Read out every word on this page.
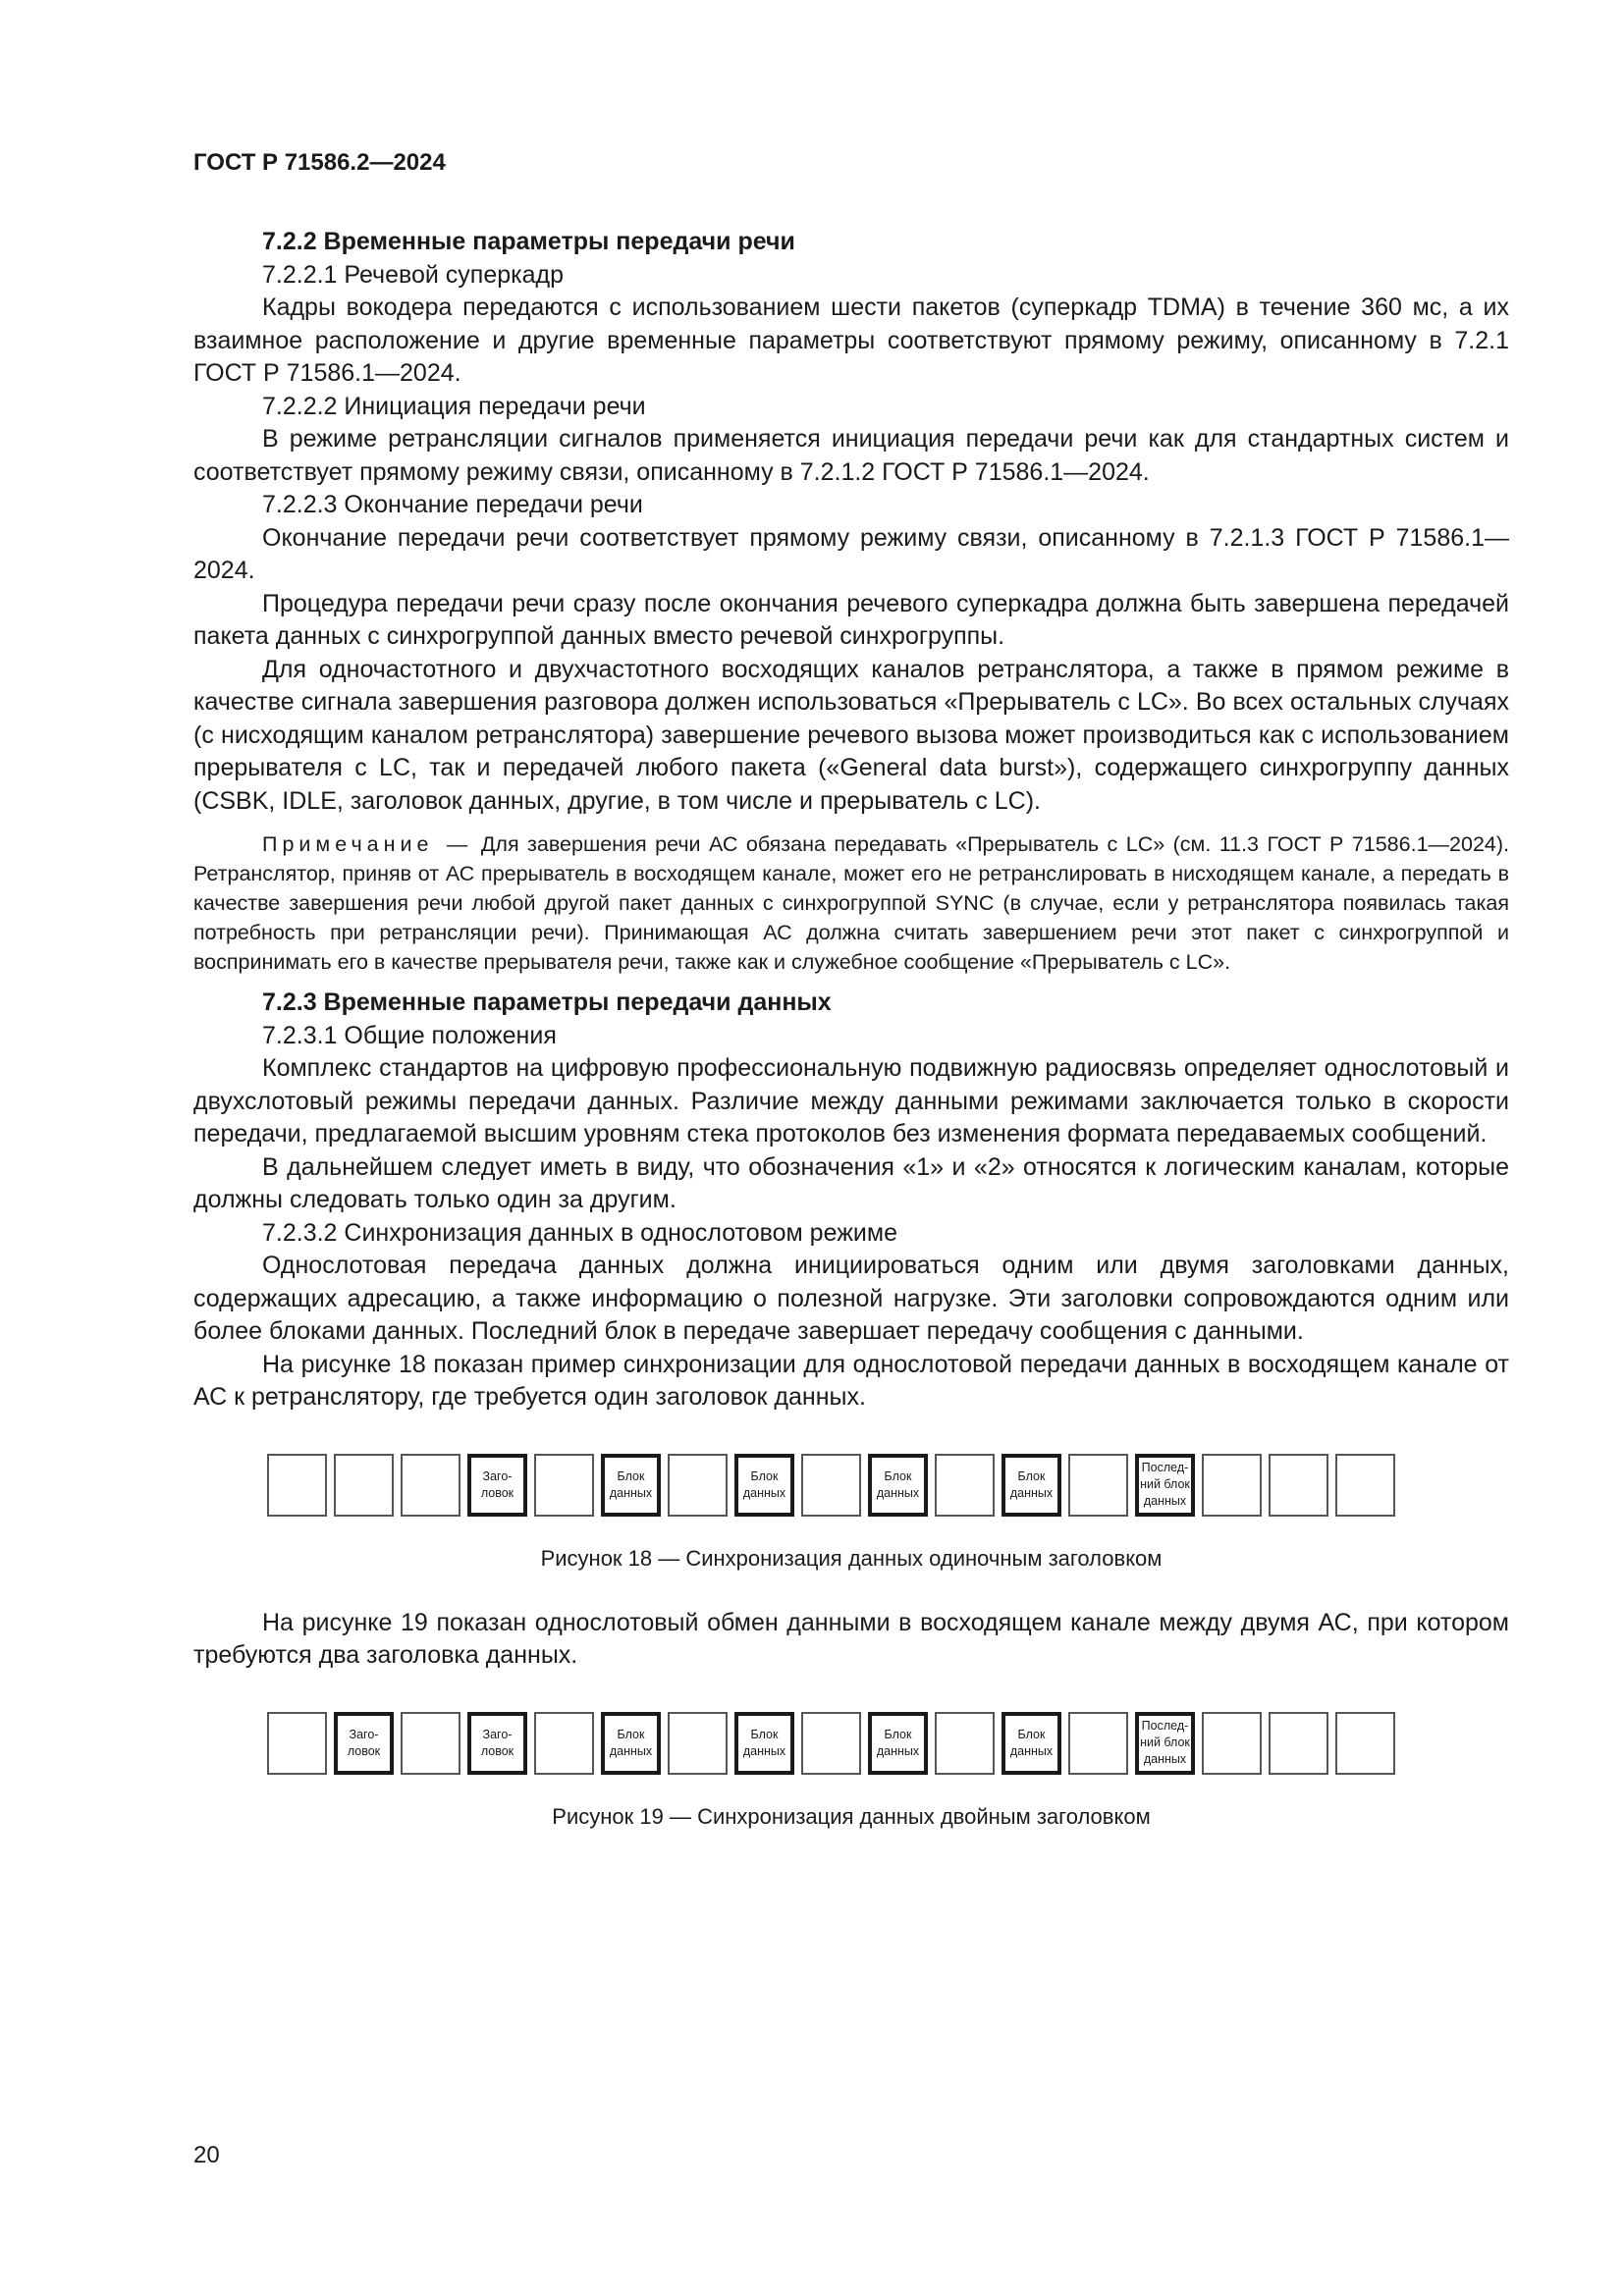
ГОСТ Р 71586.2—2024

7.2.2 Временные параметры передачи речи

7.2.2.1 Речевой суперкадр

Кадры вокодера передаются с использованием шести пакетов (суперкадр TDMA) в течение 360 мс, а их взаимное расположение и другие временные параметры соответствуют прямому режиму, описанному в 7.2.1 ГОСТ Р 71586.1—2024.

7.2.2.2 Инициация передачи речи

В режиме ретрансляции сигналов применяется инициация передачи речи как для стандартных систем и соответствует прямому режиму связи, описанному в 7.2.1.2 ГОСТ Р 71586.1—2024.

7.2.2.3 Окончание передачи речи

Окончание передачи речи соответствует прямому режиму связи, описанному в 7.2.1.3 ГОСТ Р 71586.1—2024.

Процедура передачи речи сразу после окончания речевого суперкадра должна быть завершена передачей пакета данных с синхрогруппой данных вместо речевой синхрогруппы.

Для одночастотного и двухчастотного восходящих каналов ретранслятора, а также в прямом режиме в качестве сигнала завершения разговора должен использоваться «Прерыватель с LC». Во всех остальных случаях (с нисходящим каналом ретранслятора) завершение речевого вызова может производиться как с использованием прерывателя с LC, так и передачей любого пакета («General data burst»), содержащего синхрогруппу данных (CSBK, IDLE, заголовок данных, другие, в том числе и прерыватель с LC).

Примечание — Для завершения речи АС обязана передавать «Прерыватель с LC» (см. 11.3 ГОСТ Р 71586.1—2024). Ретранслятор, приняв от АС прерыватель в восходящем канале, может его не ретранслировать в нисходящем канале, а передать в качестве завершения речи любой другой пакет данных с синхрогруппой SYNC (в случае, если у ретранслятора появилась такая потребность при ретрансляции речи). Принимающая АС должна считать завершением речи этот пакет с синхрогруппой и воспринимать его в качестве прерывателя речи, также как и служебное сообщение «Прерыватель с LC».

7.2.3 Временные параметры передачи данных

7.2.3.1 Общие положения

Комплекс стандартов на цифровую профессиональную подвижную радиосвязь определяет однослотовый и двухслотовый режимы передачи данных. Различие между данными режимами заключается только в скорости передачи, предлагаемой высшим уровням стека протоколов без изменения формата передаваемых сообщений.

В дальнейшем следует иметь в виду, что обозначения «1» и «2» относятся к логическим каналам, которые должны следовать только один за другим.

7.2.3.2 Синхронизация данных в однослотовом режиме

Однослотовая передача данных должна инициироваться одним или двумя заголовками данных, содержащих адресацию, а также информацию о полезной нагрузке. Эти заголовки сопровождаются одним или более блоками данных. Последний блок в передаче завершает передачу сообщения с данными.

На рисунке 18 показан пример синхронизации для однослотовой передачи данных в восходящем канале от АС к ретранслятору, где требуется один заголовок данных.

Заго-
ловок
Блок
данных
Блок
данных
Блок
данных
Блок
данных
Послед-
ний блок
данных
Рисунок 18 — Синхронизация данных одиночным заголовком

На рисунке 19 показан однослотовый обмен данными в восходящем канале между двумя АС, при котором требуются два заголовка данных.

Заго-
ловок
Заго-
ловок
Блок
данных
Блок
данных
Блок
данных
Блок
данных
Послед-
ний блок
данных
Рисунок 19 — Синхронизация данных двойным заголовком
20
